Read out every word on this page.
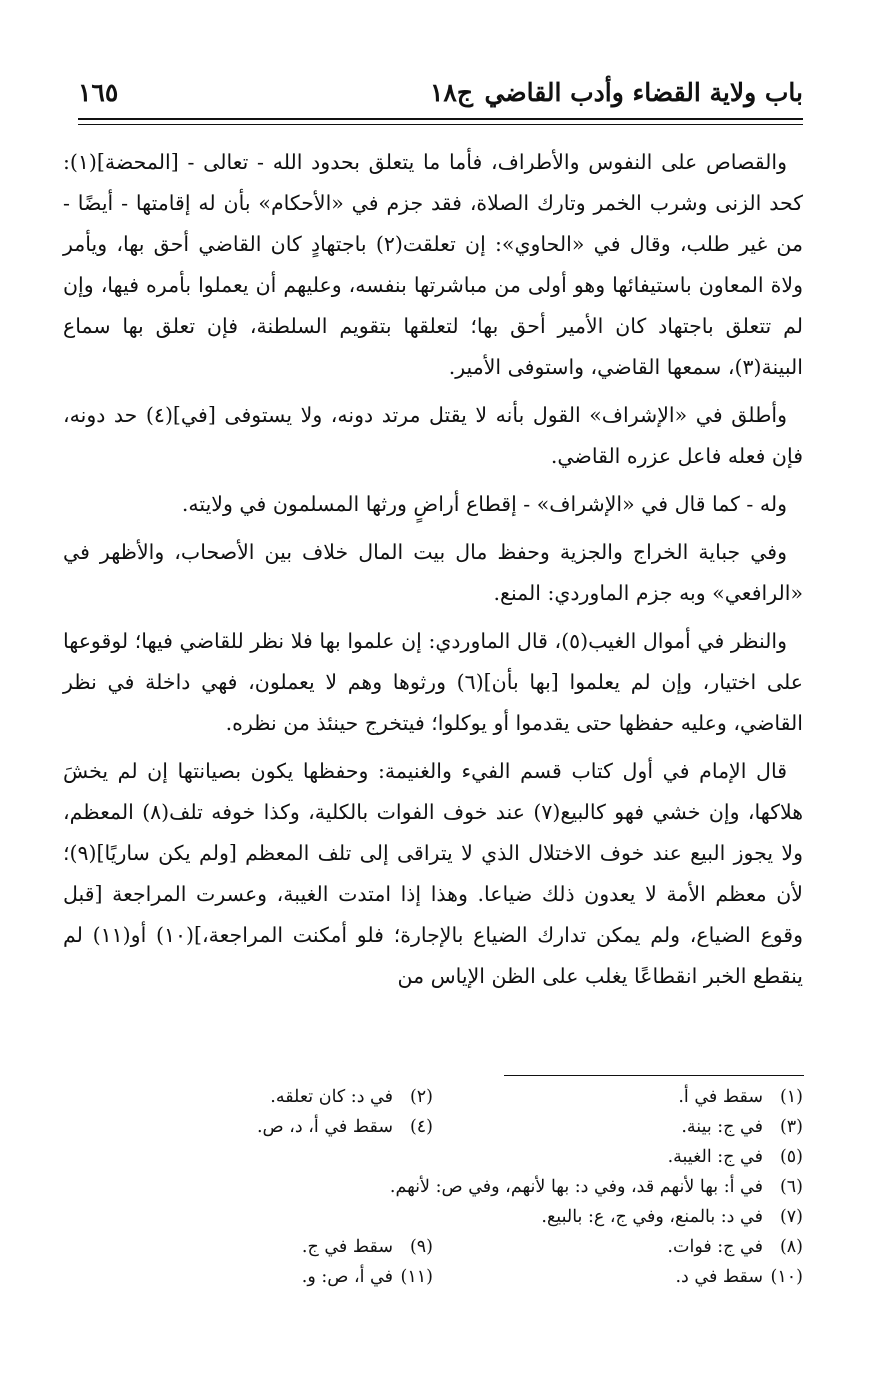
باب ولاية القضاء وأدب القاضي
ج١٨
١٦٥

والقصاص على النفوس والأطراف، فأما ما يتعلق بحدود الله - تعالى - [المحضة](١): كحد الزنى وشرب الخمر وتارك الصلاة، فقد جزم في «الأحكام» بأن له إقامتها - أيضًا - من غير طلب، وقال في «الحاوي»: إن تعلقت(٢) باجتهادٍ كان القاضي أحق بها، ويأمر ولاة المعاون باستيفائها وهو أولى من مباشرتها بنفسه، وعليهم أن يعملوا بأمره فيها، وإن لم تتعلق باجتهاد كان الأمير أحق بها؛ لتعلقها بتقويم السلطنة، فإن تعلق بها سماع البينة(٣)، سمعها القاضي، واستوفى الأمير.

وأطلق في «الإشراف» القول بأنه لا يقتل مرتد دونه، ولا يستوفى [في](٤) حد دونه، فإن فعله فاعل عزره القاضي.

وله - كما قال في «الإشراف» - إقطاع أراضٍ ورثها المسلمون في ولايته.

وفي جباية الخراج والجزية وحفظ مال بيت المال خلاف بين الأصحاب، والأظهر في «الرافعي» وبه جزم الماوردي: المنع.

والنظر في أموال الغيب(٥)، قال الماوردي: إن علموا بها فلا نظر للقاضي فيها؛ لوقوعها على اختيار، وإن لم يعلموا [بها بأن](٦) ورثوها وهم لا يعملون، فهي داخلة في نظر القاضي، وعليه حفظها حتى يقدموا أو يوكلوا؛ فيتخرج حينئذ من نظره.

قال الإمام في أول كتاب قسم الفيء والغنيمة: وحفظها يكون بصيانتها إن لم يخشَ هلاكها، وإن خشي فهو كالبيع(٧) عند خوف الفوات بالكلية، وكذا خوفه تلف(٨) المعظم، ولا يجوز البيع عند خوف الاختلال الذي لا يتراقى إلى تلف المعظم [ولم يكن ساريًا](٩)؛ لأن معظم الأمة لا يعدون ذلك ضياعا. وهذا إذا امتدت الغيبة، وعسرت المراجعة [قبل وقوع الضياع، ولم يمكن تدارك الضياع بالإجارة؛ فلو أمكنت المراجعة،](١٠) أو(١١) لم ينقطع الخبر انقطاعًا يغلب على الظن الإياس من

(١)سقط في أ.
(٢)في د: كان تعلقه.
(٣)في ج: بينة.
(٤)سقط في أ، د، ص.
(٥)في ج: الغيبة.
(٦)في أ: بها لأنهم قد، وفي د: بها لأنهم، وفي ص: لأنهم.
(٧)في د: بالمنع، وفي ج، ع: بالبيع.
(٨)في ج: فوات.
(٩)سقط في ج.
(١٠)سقط في د.
(١١)في أ، ص: و.
